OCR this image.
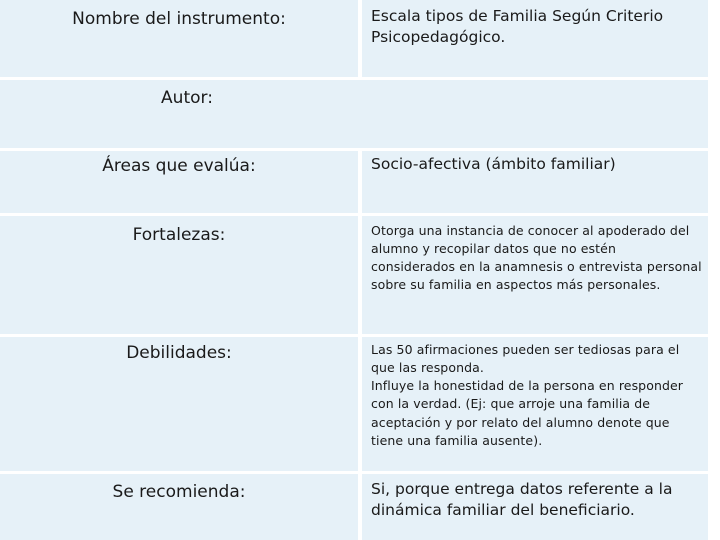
Nombre del instrumento:	Escala tipos de Familia Según Criterio Psicopedagógico.
Autor:
Áreas que evalúa:	Socio-afectiva (ámbito familiar)
Fortalezas:	Otorga una instancia de conocer al apoderado del alumno y recopilar datos que no estén considerados en la anamnesis o entrevista personal sobre su familia en aspectos más personales.
Debilidades:	Las 50 afirmaciones pueden ser tediosas para el que las responda.
Influye la honestidad de la persona en responder con la verdad. (Ej: que arroje una familia de aceptación y por relato del alumno denote que tiene una familia ausente).
Se recomienda:	Si, porque entrega datos referente a la dinámica familiar del beneficiario.
